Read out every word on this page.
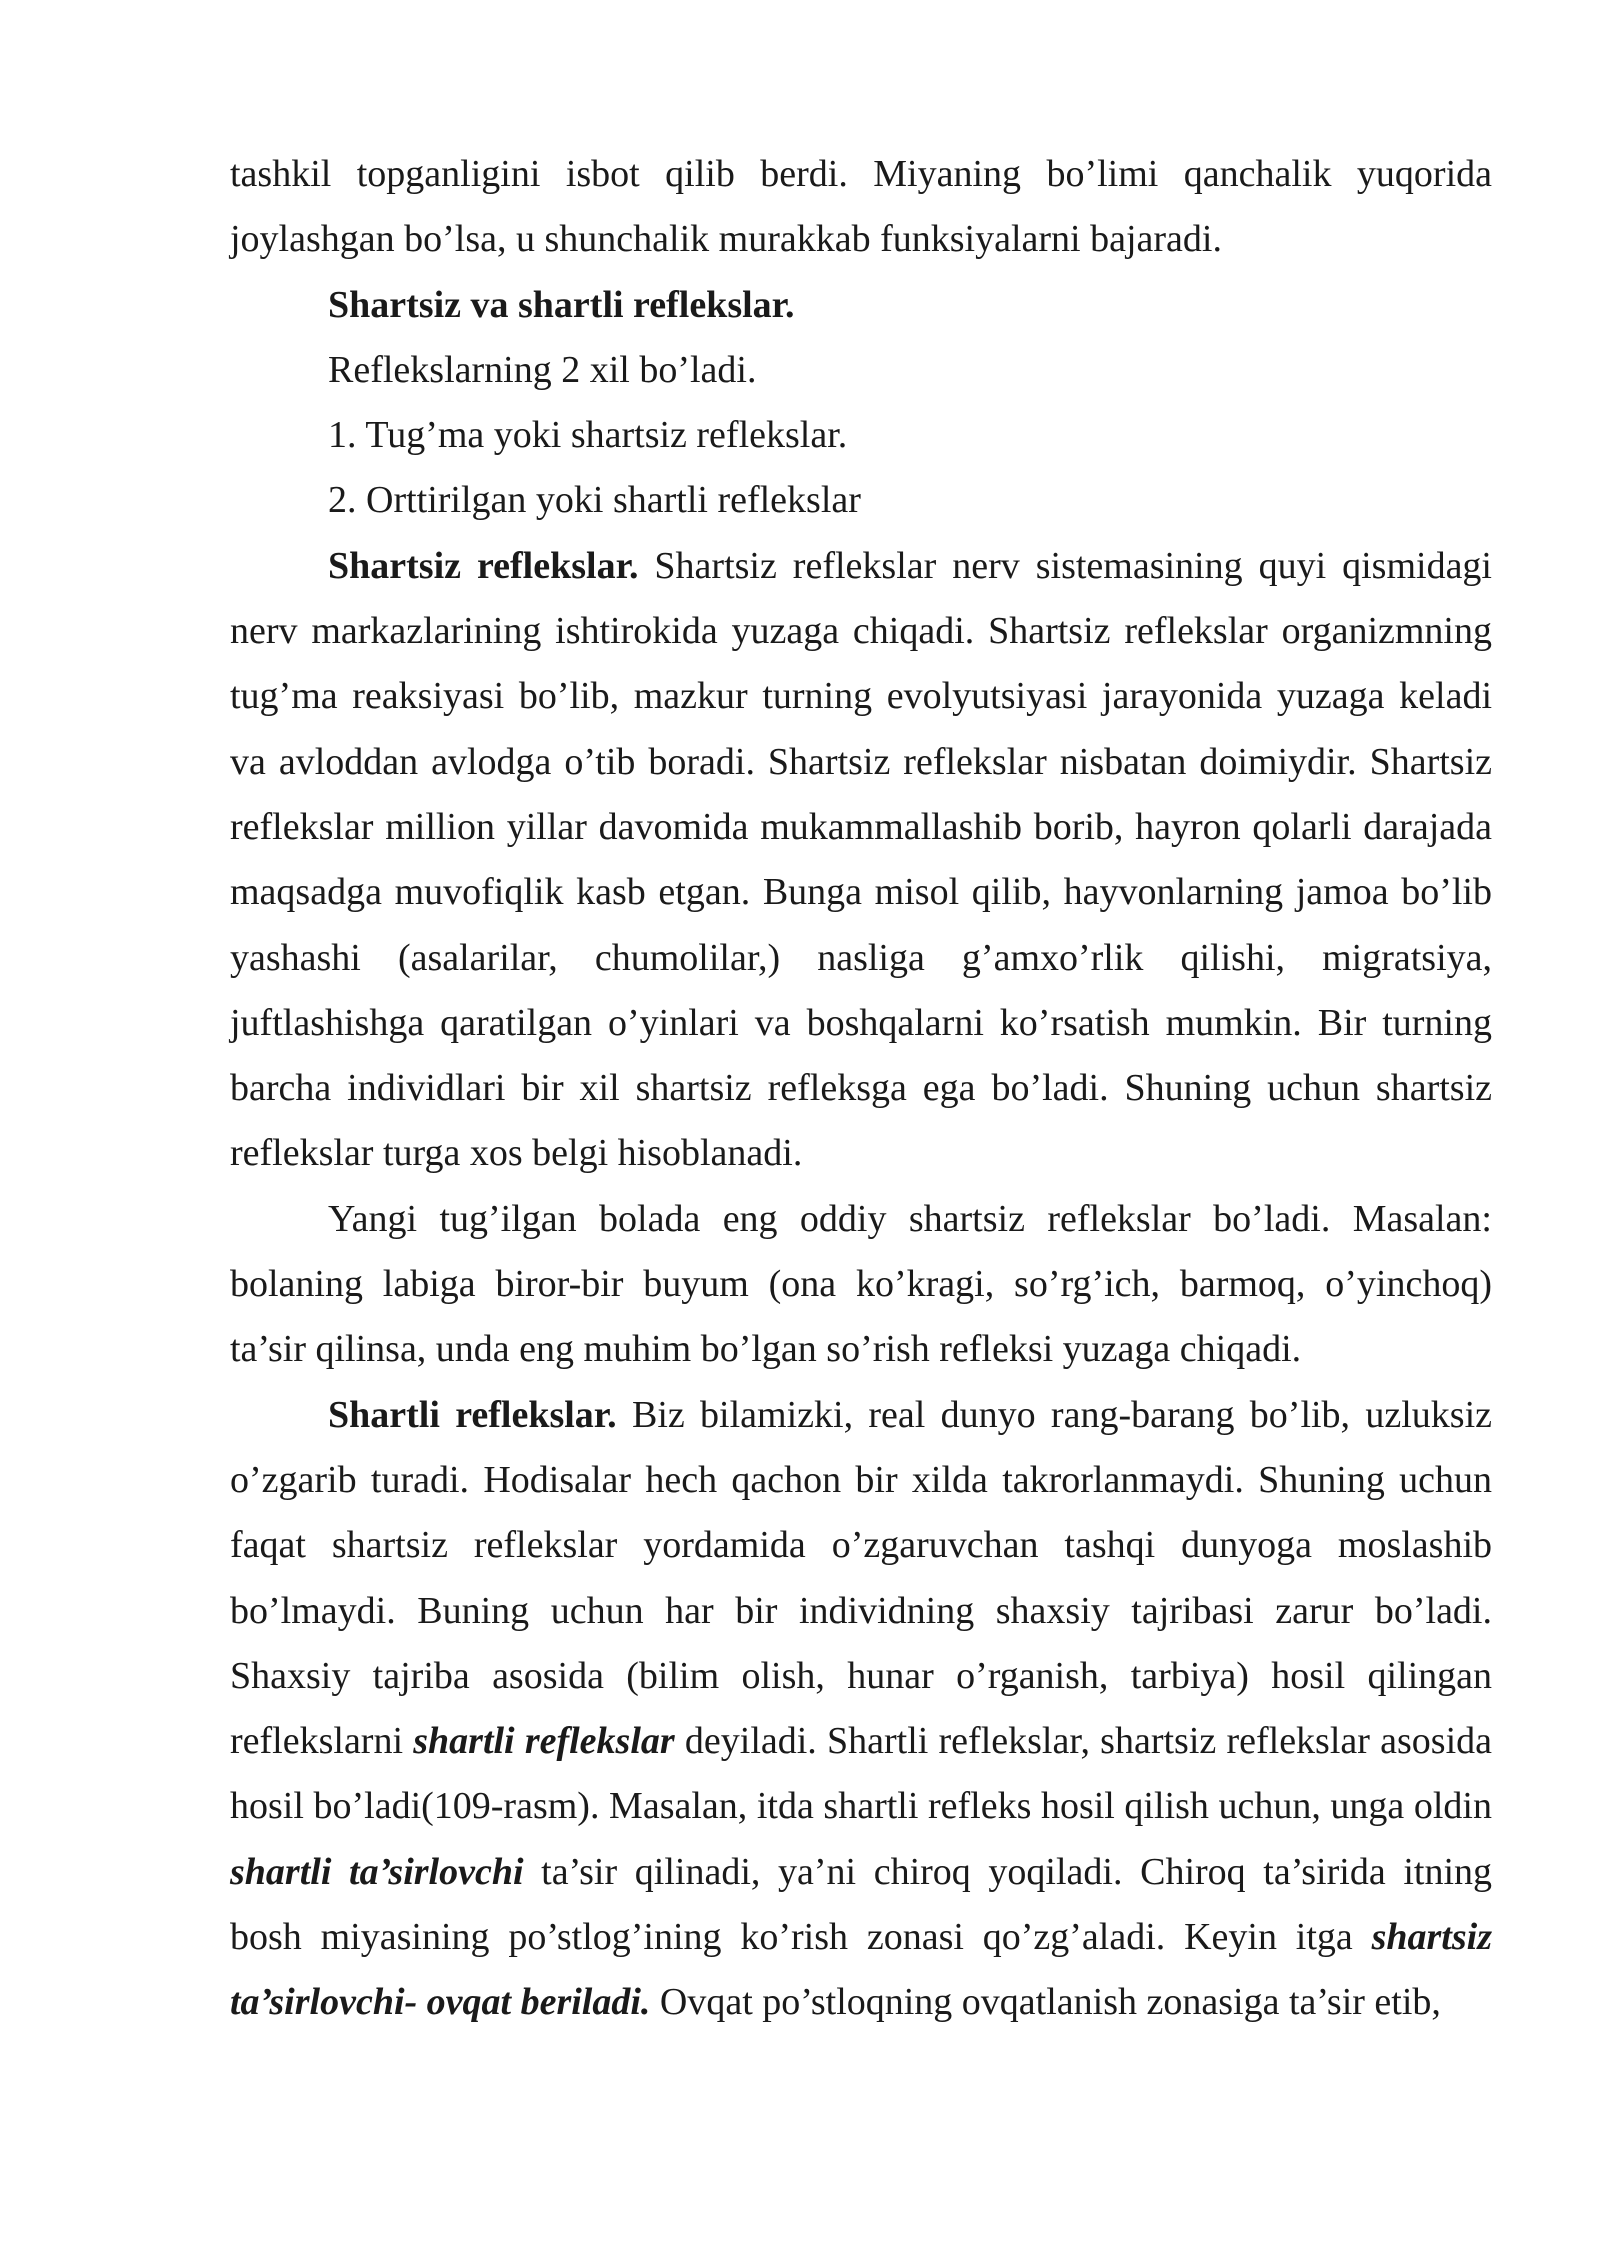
tashkil topganligini isbot qilib berdi. Miyaning bo’limi qanchalik yuqorida joylashgan bo’lsa, u shunchalik murakkab funksiyalarni bajaradi.

Shartsiz va shartli reflekslar.

Reflekslarning 2 xil bo’ladi.

1. Tug’ma yoki shartsiz reflekslar.

2. Orttirilgan yoki shartli reflekslar

Shartsiz reflekslar. Shartsiz reflekslar nerv sistemasining quyi qismidagi nerv markazlarining ishtirokida yuzaga chiqadi. Shartsiz reflekslar organizmning tug’ma reaksiyasi bo’lib, mazkur turning evolyutsiyasi jarayonida yuzaga keladi va avloddan avlodga o’tib boradi. Shartsiz reflekslar nisbatan doimiydir. Shartsiz reflekslar million yillar davomida mukammallashib borib, hayron qolarli darajada maqsadga muvofiqlik kasb etgan. Bunga misol qilib, hayvonlarning jamoa bo’lib yashashi (asalarilar, chumolilar,) nasliga g’amxo’rlik qilishi, migratsiya, juftlashishga qaratilgan o’yinlari va boshqalarni ko’rsatish mumkin. Bir turning barcha individlari bir xil shartsiz refleksga ega bo’ladi. Shuning uchun shartsiz reflekslar turga xos belgi hisoblanadi.

Yangi tug’ilgan bolada eng oddiy shartsiz reflekslar bo’ladi. Masalan: bolaning labiga biror-bir buyum (ona ko’kragi, so’rg’ich, barmoq, o’yinchoq) ta’sir qilinsa, unda eng muhim bo’lgan so’rish refleksi yuzaga chiqadi.

Shartli reflekslar. Biz bilamizki, real dunyo rang-barang bo’lib, uzluksiz o’zgarib turadi. Hodisalar hech qachon bir xilda takrorlanmaydi. Shuning uchun faqat shartsiz reflekslar yordamida o’zgaruvchan tashqi dunyoga moslashib bo’lmaydi. Buning uchun har bir individning shaxsiy tajribasi zarur bo’ladi. Shaxsiy tajriba asosida (bilim olish, hunar o’rganish, tarbiya) hosil qilingan reflekslarni shartli reflekslar deyiladi. Shartli reflekslar, shartsiz reflekslar asosida hosil bo’ladi(109-rasm). Masalan, itda shartli refleks hosil qilish uchun, unga oldin shartli ta’sirlovchi ta’sir qilinadi, ya’ni chiroq yoqiladi. Chiroq ta’sirida itning bosh miyasining po’stlog’ining ko’rish zonasi qo’zg’aladi. Keyin itga shartsiz ta’sirlovchi- ovqat beriladi. Ovqat po’stloqning ovqatlanish zonasiga ta’sir etib,
